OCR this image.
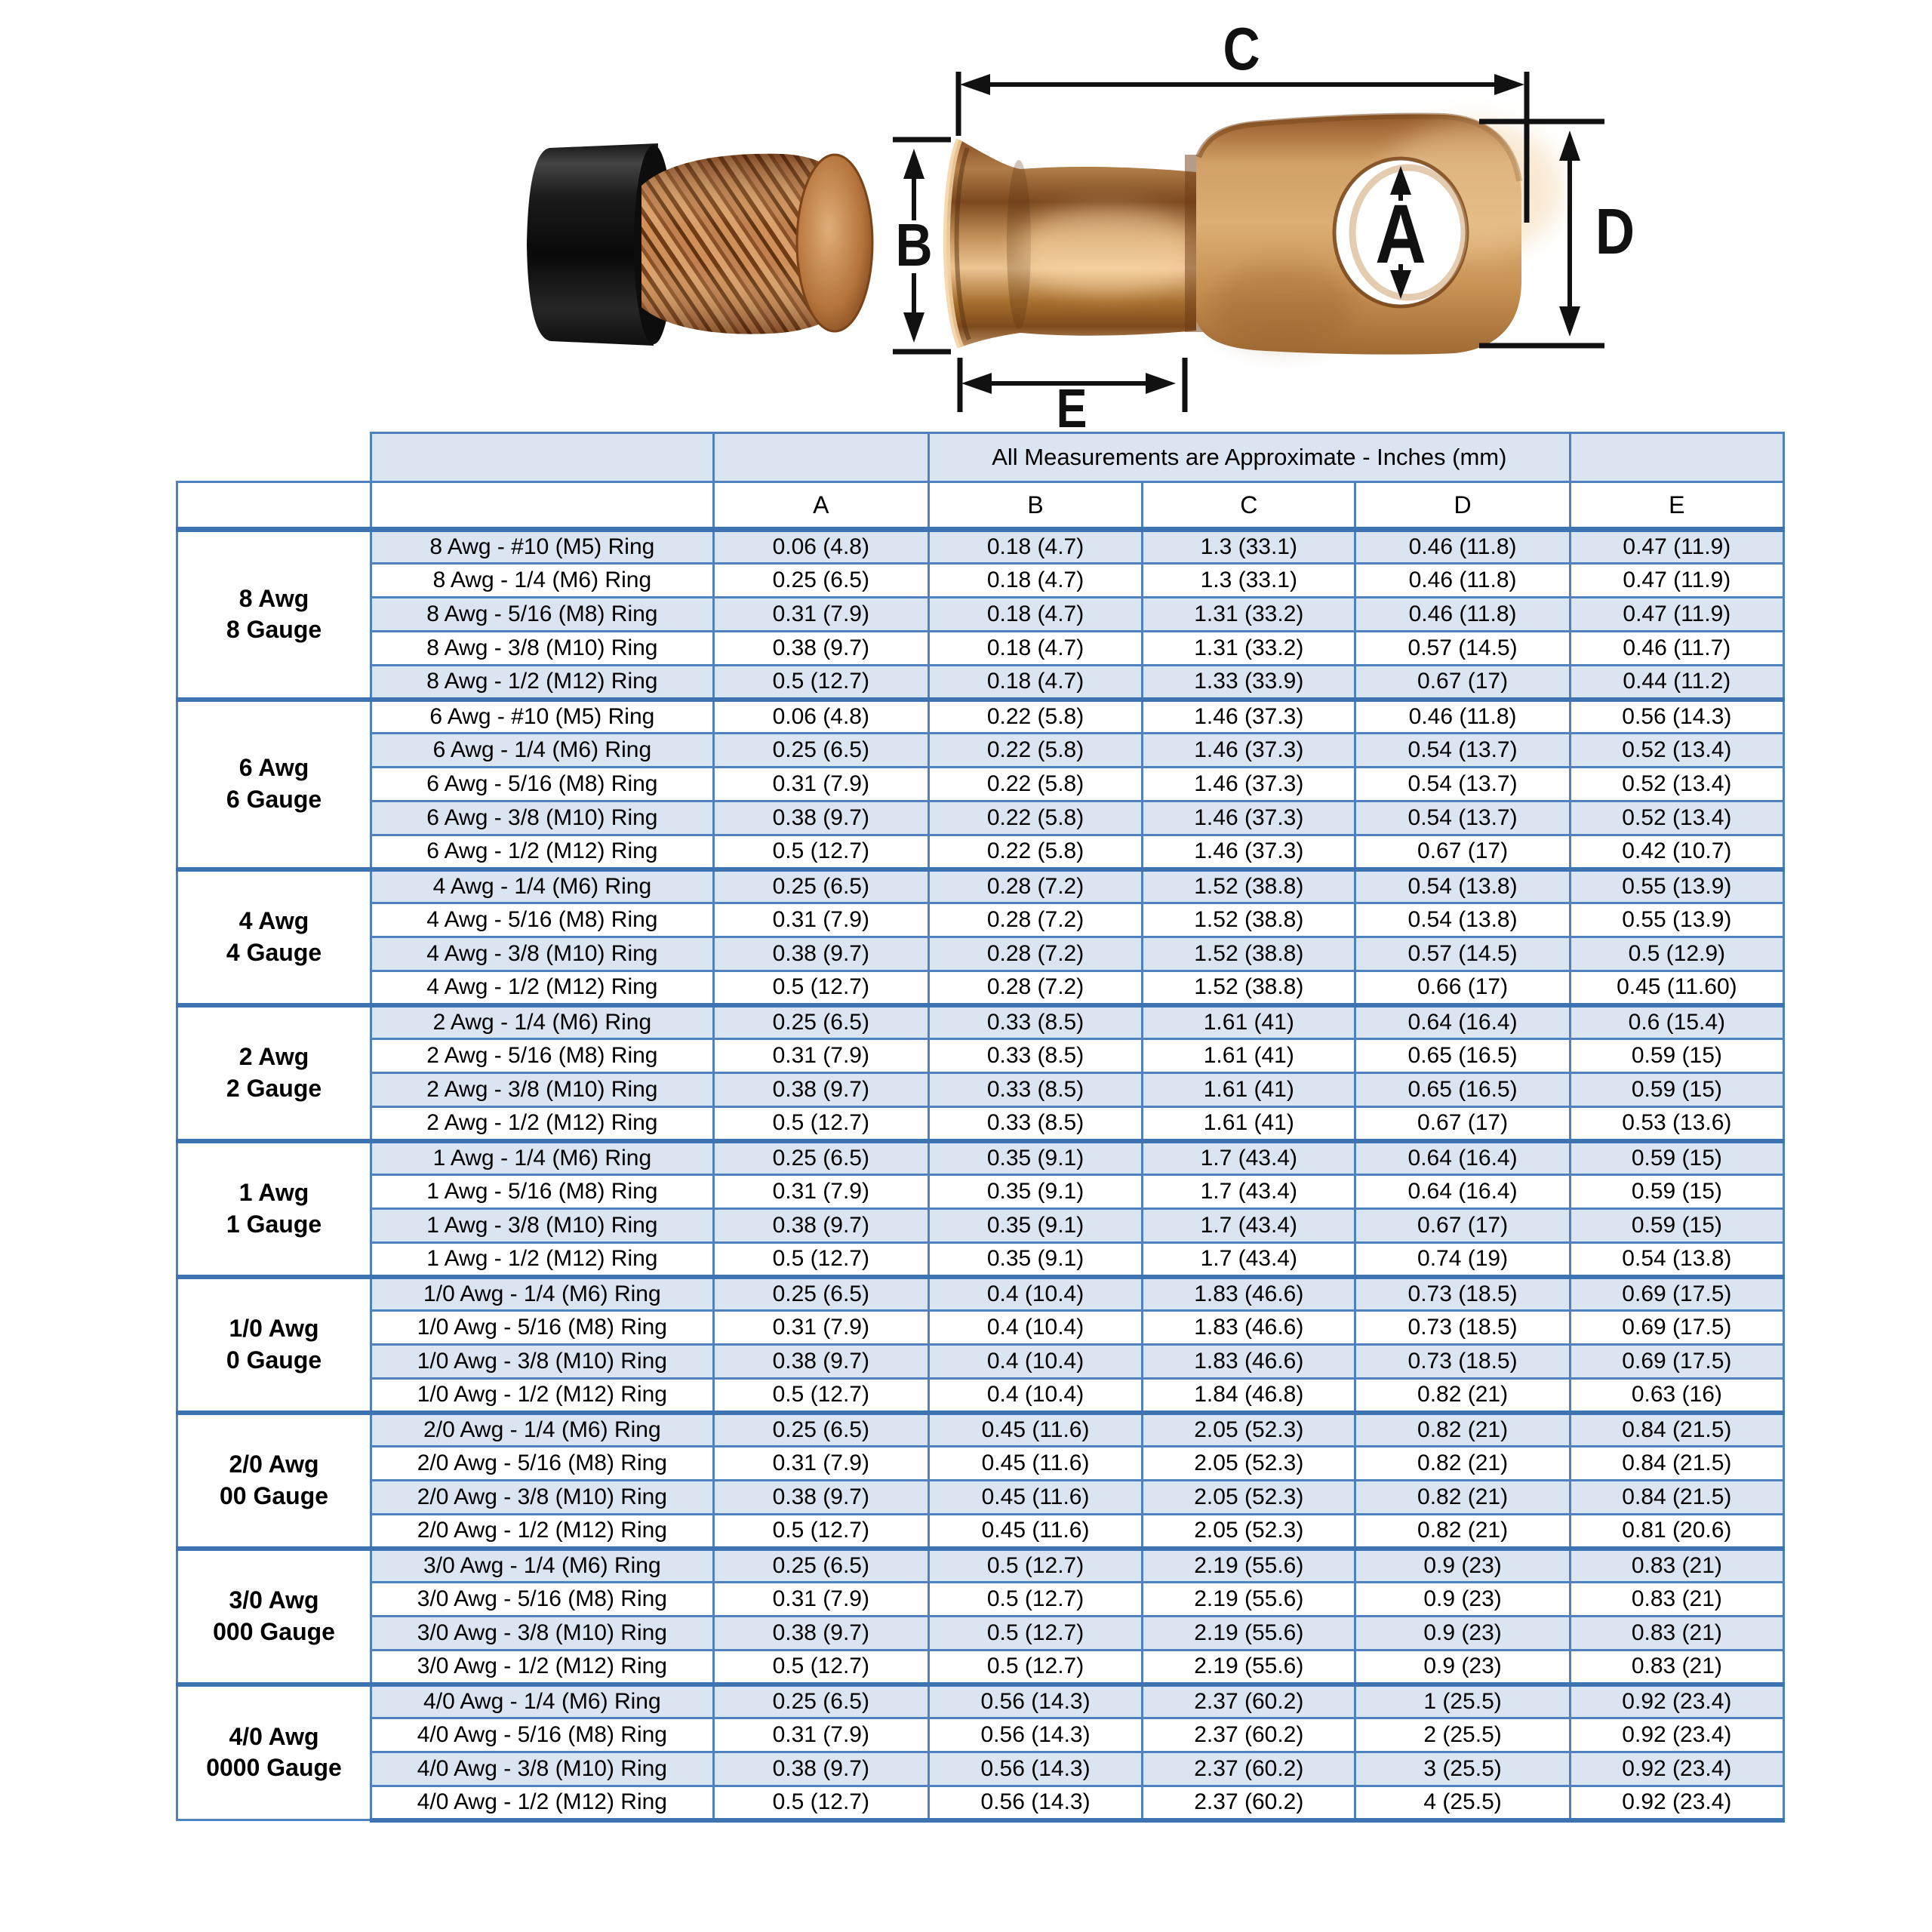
C
B	A	D
E
			All Measurements are Approximate - Inches (mm)			
		A	B	C	D	E

8 Awg
8 Gauge	8 Awg - #10 (M5) Ring	0.06 (4.8)	0.18 (4.7)	1.3 (33.1)	0.46 (11.8)	0.47 (11.9)
	8 Awg - 1/4 (M6) Ring	0.25 (6.5)	0.18 (4.7)	1.3 (33.1)	0.46 (11.8)	0.47 (11.9)
	8 Awg - 5/16 (M8) Ring	0.31 (7.9)	0.18 (4.7)	1.31 (33.2)	0.46 (11.8)	0.47 (11.9)
	8 Awg - 3/8 (M10) Ring	0.38 (9.7)	0.18 (4.7)	1.31 (33.2)	0.57 (14.5)	0.46 (11.7)
	8 Awg - 1/2 (M12) Ring	0.5 (12.7)	0.18 (4.7)	1.33 (33.9)	0.67 (17)	0.44 (11.2)

6 Awg
6 Gauge	6 Awg - #10 (M5) Ring	0.06 (4.8)	0.22 (5.8)	1.46 (37.3)	0.46 (11.8)	0.56 (14.3)
	6 Awg - 1/4 (M6) Ring	0.25 (6.5)	0.22 (5.8)	1.46 (37.3)	0.54 (13.7)	0.52 (13.4)
	6 Awg - 5/16 (M8) Ring	0.31 (7.9)	0.22 (5.8)	1.46 (37.3)	0.54 (13.7)	0.52 (13.4)
	6 Awg - 3/8 (M10) Ring	0.38 (9.7)	0.22 (5.8)	1.46 (37.3)	0.54 (13.7)	0.52 (13.4)
	6 Awg - 1/2 (M12) Ring	0.5 (12.7)	0.22 (5.8)	1.46 (37.3)	0.67 (17)	0.42 (10.7)

4 Awg
4 Gauge	4 Awg - 1/4 (M6) Ring	0.25 (6.5)	0.28 (7.2)	1.52 (38.8)	0.54 (13.8)	0.55 (13.9)
	4 Awg - 5/16 (M8) Ring	0.31 (7.9)	0.28 (7.2)	1.52 (38.8)	0.54 (13.8)	0.55 (13.9)
	4 Awg - 3/8 (M10) Ring	0.38 (9.7)	0.28 (7.2)	1.52 (38.8)	0.57 (14.5)	0.5 (12.9)
	4 Awg - 1/2 (M12) Ring	0.5 (12.7)	0.28 (7.2)	1.52 (38.8)	0.66 (17)	0.45 (11.60)

2 Awg
2 Gauge	2 Awg - 1/4 (M6) Ring	0.25 (6.5)	0.33 (8.5)	1.61 (41)	0.64 (16.4)	0.6 (15.4)
	2 Awg - 5/16 (M8) Ring	0.31 (7.9)	0.33 (8.5)	1.61 (41)	0.65 (16.5)	0.59 (15)
	2 Awg - 3/8 (M10) Ring	0.38 (9.7)	0.33 (8.5)	1.61 (41)	0.65 (16.5)	0.59 (15)
	2 Awg - 1/2 (M12) Ring	0.5 (12.7)	0.33 (8.5)	1.61 (41)	0.67 (17)	0.53 (13.6)

1 Awg
1 Gauge	1 Awg - 1/4 (M6) Ring	0.25 (6.5)	0.35 (9.1)	1.7 (43.4)	0.64 (16.4)	0.59 (15)
	1 Awg - 5/16 (M8) Ring	0.31 (7.9)	0.35 (9.1)	1.7 (43.4)	0.64 (16.4)	0.59 (15)
	1 Awg - 3/8 (M10) Ring	0.38 (9.7)	0.35 (9.1)	1.7 (43.4)	0.67 (17)	0.59 (15)
	1 Awg - 1/2 (M12) Ring	0.5 (12.7)	0.35 (9.1)	1.7 (43.4)	0.74 (19)	0.54 (13.8)

1/0 Awg
0 Gauge	1/0 Awg - 1/4 (M6) Ring	0.25 (6.5)	0.4 (10.4)	1.83 (46.6)	0.73 (18.5)	0.69 (17.5)
	1/0 Awg - 5/16 (M8) Ring	0.31 (7.9)	0.4 (10.4)	1.83 (46.6)	0.73 (18.5)	0.69 (17.5)
	1/0 Awg - 3/8 (M10) Ring	0.38 (9.7)	0.4 (10.4)	1.83 (46.6)	0.73 (18.5)	0.69 (17.5)
	1/0 Awg - 1/2 (M12) Ring	0.5 (12.7)	0.4 (10.4)	1.84 (46.8)	0.82 (21)	0.63 (16)

2/0 Awg
00 Gauge	2/0 Awg - 1/4 (M6) Ring	0.25 (6.5)	0.45 (11.6)	2.05 (52.3)	0.82 (21)	0.84 (21.5)
	2/0 Awg - 5/16 (M8) Ring	0.31 (7.9)	0.45 (11.6)	2.05 (52.3)	0.82 (21)	0.84 (21.5)
	2/0 Awg - 3/8 (M10) Ring	0.38 (9.7)	0.45 (11.6)	2.05 (52.3)	0.82 (21)	0.84 (21.5)
	2/0 Awg - 1/2 (M12) Ring	0.5 (12.7)	0.45 (11.6)	2.05 (52.3)	0.82 (21)	0.81 (20.6)

3/0 Awg
000 Gauge	3/0 Awg - 1/4 (M6) Ring	0.25 (6.5)	0.5 (12.7)	2.19 (55.6)	0.9 (23)	0.83 (21)
	3/0 Awg - 5/16 (M8) Ring	0.31 (7.9)	0.5 (12.7)	2.19 (55.6)	0.9 (23)	0.83 (21)
	3/0 Awg - 3/8 (M10) Ring	0.38 (9.7)	0.5 (12.7)	2.19 (55.6)	0.9 (23)	0.83 (21)
	3/0 Awg - 1/2 (M12) Ring	0.5 (12.7)	0.5 (12.7)	2.19 (55.6)	0.9 (23)	0.83 (21)

4/0 Awg
0000 Gauge	4/0 Awg - 1/4 (M6) Ring	0.25 (6.5)	0.56 (14.3)	2.37 (60.2)	1 (25.5)	0.92 (23.4)
	4/0 Awg - 5/16 (M8) Ring	0.31 (7.9)	0.56 (14.3)	2.37 (60.2)	2 (25.5)	0.92 (23.4)
	4/0 Awg - 3/8 (M10) Ring	0.38 (9.7)	0.56 (14.3)	2.37 (60.2)	3 (25.5)	0.92 (23.4)
	4/0 Awg - 1/2 (M12) Ring	0.5 (12.7)	0.56 (14.3)	2.37 (60.2)	4 (25.5)	0.92 (23.4)
